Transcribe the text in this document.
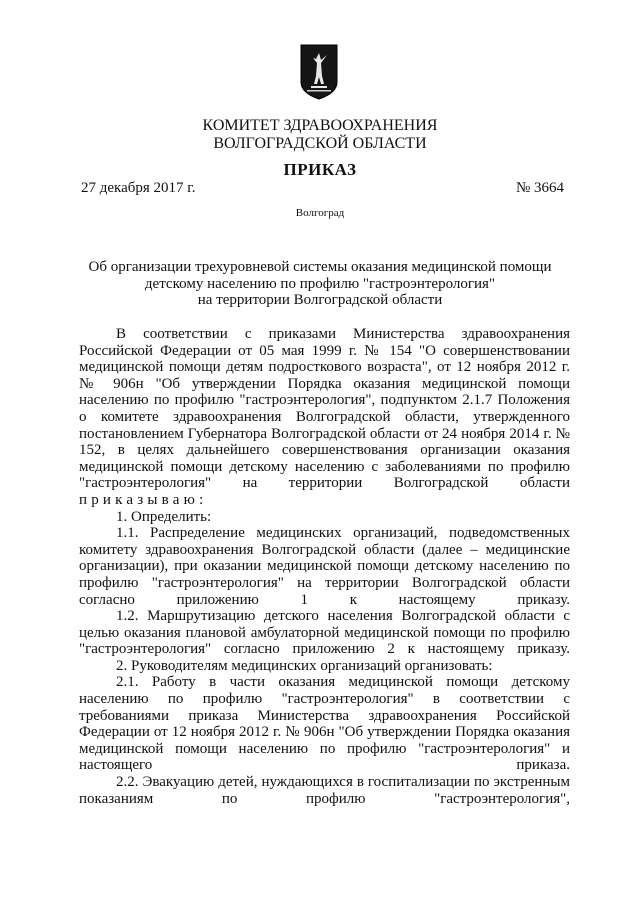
КОМИТЕТ ЗДРАВООХРАНЕНИЯ
ВОЛГОГРАДСКОЙ ОБЛАСТИ
ПРИКАЗ
27 декабря 2017 г.	№ 3664
Волгоград
Об организации трехуровневой системы оказания медицинской помощи
детскому населению по профилю "гастроэнтерология"
на территории Волгоградской области

В соответствии с приказами Министерства здравоохранения Российской Федерации от 05 мая 1999 г. № 154 "О совершенствовании медицинской помощи детям подросткового возраста", от 12 ноября 2012 г. № 906н "Об утверждении Порядка оказания медицинской помощи населению по профилю "гастроэнтерология", подпунктом 2.1.7 Положения о комитете здравоохранения Волгоградской области, утвержденного постановлением Губернатора Волгоградской области от 24 ноября 2014 г. № 152, в целях дальнейшего совершенствования организации оказания медицинской помощи детскому населению с заболеваниями по профилю "гастроэнтерология" на территории Волгоградской области

приказываю:

1. Определить:

1.1. Распределение медицинских организаций, подведомственных комитету здравоохранения Волгоградской области (далее – медицинские организации), при оказании медицинской помощи детскому населению по профилю "гастроэнтерология" на территории Волгоградской области согласно приложению 1 к настоящему приказу.

1.2. Маршрутизацию детского населения Волгоградской области с целью оказания плановой амбулаторной медицинской помощи по профилю "гастроэнтерология" согласно приложению 2 к настоящему приказу.

2. Руководителям медицинских организаций организовать:

2.1. Работу в части оказания медицинской помощи детскому населению по профилю "гастроэнтерология" в соответствии с требованиями приказа Министерства здравоохранения Российской Федерации от 12 ноября 2012 г. № 906н "Об утверждении Порядка оказания медицинской помощи населению по профилю "гастроэнтерология" и настоящего приказа.

2.2. Эвакуацию детей, нуждающихся в госпитализации по экстренным показаниям по профилю "гастроэнтерология",
